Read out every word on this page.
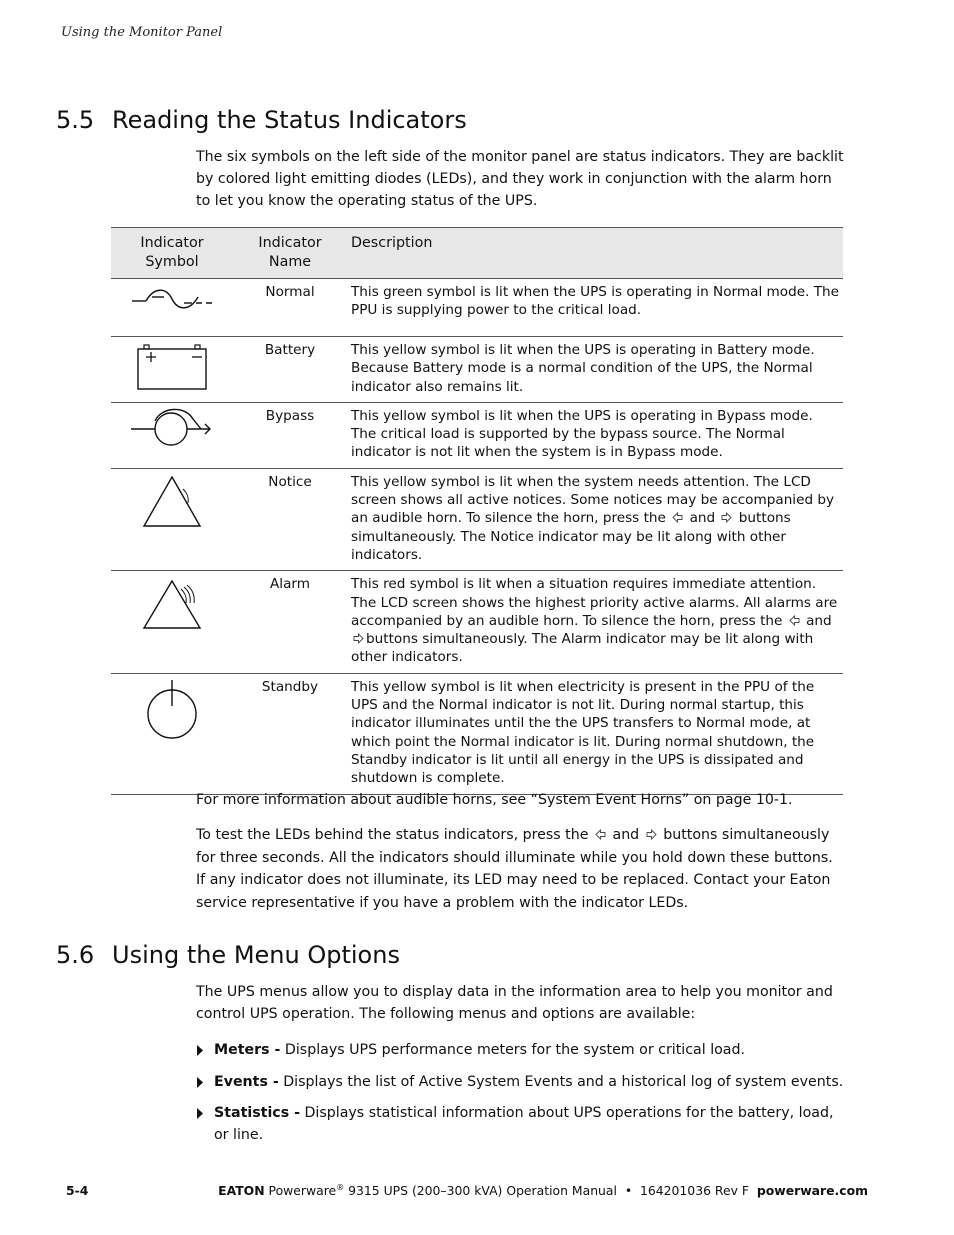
Using the Monitor Panel
5.5 Reading the Status Indicators

The six symbols on the left side of the monitor panel are status indicators. They are backlit by colored light emitting diodes (LEDs), and they work in conjunction with the alarm horn to let you know the operating status of the UPS.

Indicator Symbol	Indicator Name	Description

	Normal	This green symbol is lit when the UPS is operating in Normal mode. The PPU is supplying power to the critical load.

	Battery	This yellow symbol is lit when the UPS is operating in Battery mode. Because Battery mode is a normal condition of the UPS, the Normal indicator also remains lit.

	Bypass	This yellow symbol is lit when the UPS is operating in Bypass mode. The critical load is supported by the bypass source. The Normal indicator is not lit when the system is in Bypass mode.

	Notice	This yellow symbol is lit when the system needs attention. The LCD screen shows all active notices. Some notices may be accompanied by an audible horn. To silence the horn, press the and buttons simultaneously. The Notice indicator may be lit along with other indicators.

	Alarm	This red symbol is lit when a situation requires immediate attention. The LCD screen shows the highest priority active alarms. All alarms are accompanied by an audible horn. To silence the horn, press the and buttons simultaneously. The Alarm indicator may be lit along with other indicators.

	Standby	This yellow symbol is lit when electricity is present in the PPU of the UPS and the Normal indicator is not lit. During normal startup, this indicator illuminates until the the UPS transfers to Normal mode, at which point the Normal indicator is lit. During normal shutdown, the Standby indicator is lit until all energy in the UPS is dissipated and shutdown is complete.

For more information about audible horns, see “System Event Horns” on page 10-1.

To test the LEDs behind the status indicators, press the and buttons simultaneously for three seconds. All the indicators should illuminate while you hold down these buttons. If any indicator does not illuminate, its LED may need to be replaced. Contact your Eaton service representative if you have a problem with the indicator LEDs.

5.6 Using the Menu Options

The UPS menus allow you to display data in the information area to help you monitor and control UPS operation. The following menus and options are available:

Meters - Displays UPS performance meters for the system or critical load.
Events - Displays the list of Active System Events and a historical log of system events.
Statistics - Displays statistical information about UPS operations for the battery, load, or line.
5-4	EATON Powerware® 9315 UPS (200–300 kVA) Operation Manual  •  164201036 Rev F  powerware.com
